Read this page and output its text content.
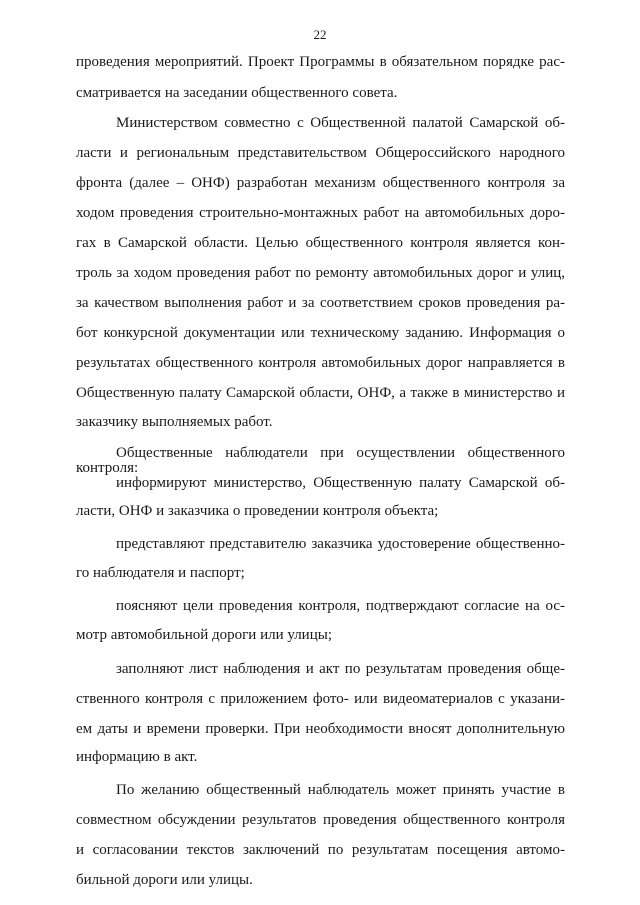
22
проведения мероприятий. Проект Программы в обязательном порядке рас-
сматривается на заседании общественного совета.
Министерством совместно с Общественной палатой Самарской об-
ласти и региональным представительством Общероссийского народного
фронта (далее – ОНФ) разработан механизм общественного контроля за
ходом проведения строительно-монтажных работ на автомобильных доро-
гах в Самарской области. Целью общественного контроля является кон-
троль за ходом проведения работ по ремонту автомобильных дорог и улиц,
за качеством выполнения работ и за соответствием сроков проведения ра-
бот конкурсной документации или техническому заданию. Информация о
результатах общественного контроля автомобильных дорог направляется в
Общественную палату Самарской области, ОНФ, а также в министерство и
заказчику выполняемых работ.
Общественные наблюдатели при осуществлении общественного
контроля:
информируют министерство, Общественную палату Самарской об-
ласти, ОНФ и заказчика о проведении контроля объекта;
представляют представителю заказчика удостоверение общественно-
го наблюдателя и паспорт;
поясняют цели проведения контроля, подтверждают согласие на ос-
мотр автомобильной дороги или улицы;
заполняют лист наблюдения и акт по результатам проведения обще-
ственного контроля с приложением фото- или видеоматериалов с указани-
ем даты и времени проверки. При необходимости вносят дополнительную
информацию в акт.
По желанию общественный наблюдатель может принять участие в
совместном обсуждении результатов проведения общественного контроля
и согласовании текстов заключений по результатам посещения автомо-
бильной дороги или улицы.
